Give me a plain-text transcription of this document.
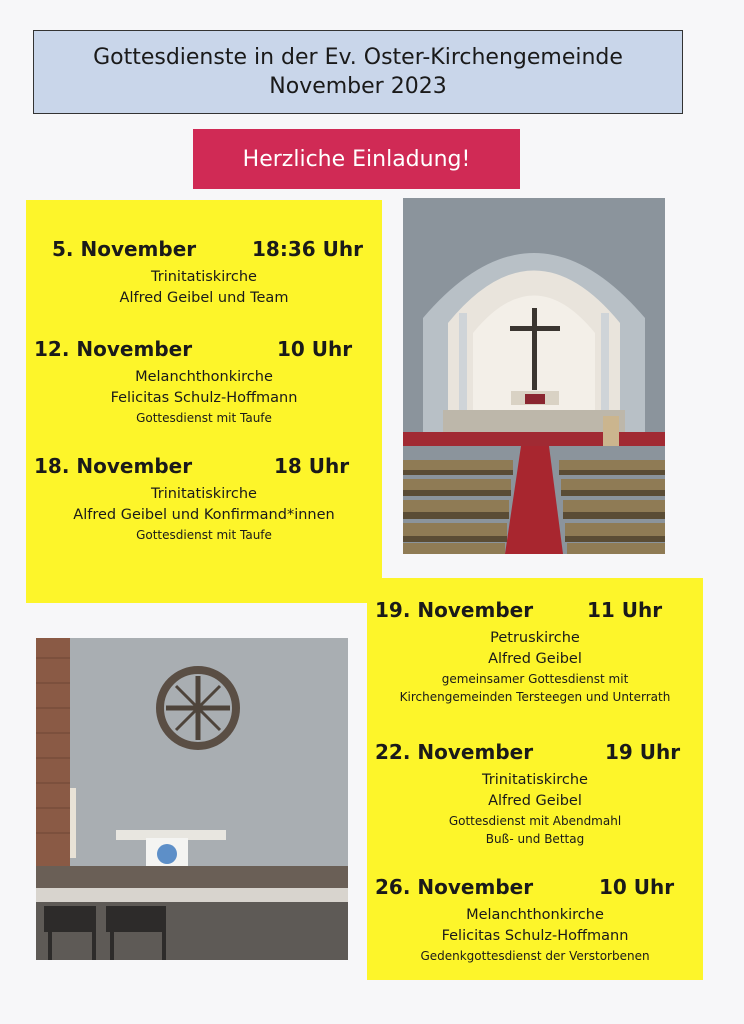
Gottesdienste in der Ev. Oster-Kirchengemeinde
November 2023
Herzliche Einladung!
5. November	18:36 Uhr
Trinitatiskirche
Alfred Geibel und Team
12. November	10 Uhr
Melanchthonkirche
Felicitas Schulz-Hoffmann
Gottesdienst mit Taufe
18. November	18 Uhr
Trinitatiskirche
Alfred Geibel und Konfirmand*innen
Gottesdienst mit Taufe
19. November	11 Uhr
Petruskirche
Alfred Geibel
gemeinsamer Gottesdienst mit
Kirchengemeinden Tersteegen und Unterrath
22. November	19 Uhr
Trinitatiskirche
Alfred Geibel
Gottesdienst mit Abendmahl
Buß- und Bettag
26. November	10 Uhr
Melanchthonkirche
Felicitas Schulz-Hoffmann
Gedenkgottesdienst der Verstorbenen
